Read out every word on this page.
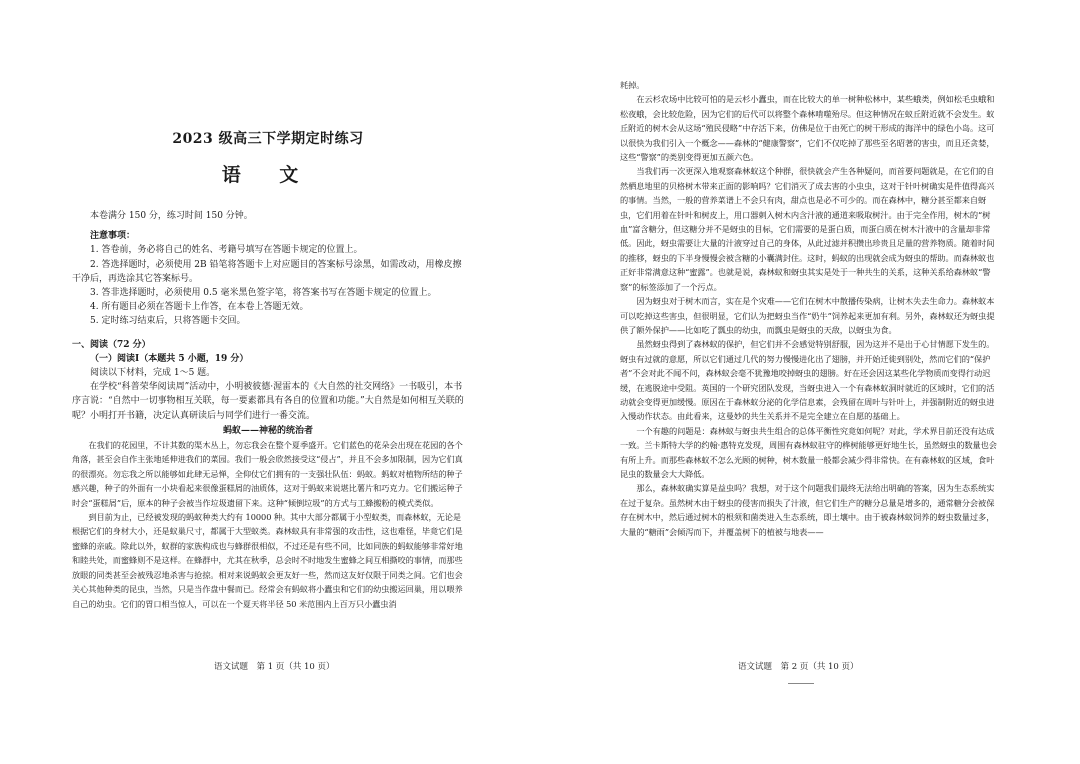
2023 级高三下学期定时练习

语 文

本卷满分 150 分，练习时间 150 分钟。

注意事项：

1. 答卷前，务必将自己的姓名、考籍号填写在答题卡规定的位置上。

2. 答选择题时，必须使用 2B 铅笔将答题卡上对应题目的答案标号涂黑，如需改动，用橡皮擦干净后，再选涂其它答案标号。

3. 答非选择题时，必须使用 0.5 毫米黑色签字笔，将答案书写在答题卡规定的位置上。

4. 所有题目必须在答题卡上作答，在本卷上答题无效。

5. 定时练习结束后，只将答题卡交回。

一、阅读（72 分）

（一）阅读Ⅰ（本题共 5 小题，19 分）

阅读以下材料，完成 1～5 题。

在学校“科普荣华阅读周”活动中，小明被彼德·渥雷本的《大自然的社交网络》一书吸引，本书序言说：“自然中一切事物相互关联，每一要素都具有各自的位置和功能。”大自然是如何相互关联的呢？小明打开书籍，决定认真研读后与同学们进行一番交流。

蚂蚁——神秘的统治者

在我们的花园里，不计其数的渠木丛上，勿忘我会在整个夏季盛开。它们蓝色的花朵会出现在花园的各个角落，甚至会自作主张地延伸进我们的菜园。我们一般会欣然接受这“侵占”，并且不会多加限制，因为它们真的很漂亮。勿忘我之所以能够如此肆无忌惮，全仰仗它们拥有的一支强壮队伍：蚂蚁。蚂蚁对植物所结的种子感兴趣，种子的外面有一小块看起来很像蛋糕屑的油质体，这对于蚂蚁来说堪比薯片和巧克力。它们搬运种子时会“蛋糕屑”后，原本的种子会被当作垃圾遗留下来。这种“倾倒垃圾”的方式与工蜂搬粉的模式类似。

到目前为止，已经被发现的蚂蚁种类大约有 10000 种。其中大部分都属于小型蚁类，而森林蚁，无论是根据它们的身材大小，还是蚁巢尺寸，都属于大型蚁类。森林蚁具有非常强的攻击性，这也难怪，毕竟它们是蜜蜂的亲戚。除此以外，蚁群的家族构成也与蜂群很相似，不过还是有些不同，比如同族的蚂蚁能够非常好地和睦共处，而蜜蜂则不是这样。在蜂群中，尤其在秋季，总会时不时地发生蜜蜂之间互相撕咬的事情，而那些放眼的同类甚至会被残忍地杀害与抢掠。相对来说蚂蚁会更友好一些，然而这友好仅限于同类之间。它们也会关心其他种类的昆虫，当然，只是当作盘中餐而已。经常会有蚂蚁将小蠹虫和它们的幼虫搬运回巢，用以喂养自己的幼虫。它们的胃口相当惊人，可以在一个夏天将半径 50 米范围内上百万只小蠹虫消

耗掉。

在云杉农场中比较可怕的是云杉小蠹虫，而在比较大的单一树种松林中，某些蛾类，例如松毛虫蛾和松夜蛾，会比较危险，因为它们的后代可以将整个森林啃噬殆尽。但这种情况在蚁丘附近就不会发生。蚁丘附近的树木会从这场“殖民侵略”中存活下来，仿佛是位于由死亡的树干形成的海洋中的绿色小岛。这可以很快为我们引入一个概念——森林的“健康警察”，它们不仅吃掉了那些至名昭著的害虫，而且还贪婪，这些“警察”的类别变得更加五颜六色。

当我们再一次更深入地观察森林蚁这个种群，很快就会产生各种疑问，而首要问题就是，在它们的自然栖息地里的贝格树木带来正面的影响吗？它们消灭了成去害的小虫虫，这对于针叶树确实是件值得高兴的事情。当然，一般的营养菜谱上不会只有肉，甜点也是必不可少的。而在森林中，糖分甚至都来自蚜虫，它们用着在针叶和树皮上，用口器刺入树木内含汁液的通道来吸取树汁。由于完全作用，树木的“树血”富含糖分，但这糖分并不是蚜虫的目标，它们需要的是蛋白质，而蛋白质在树木汁液中的含量却非常低。因此，蚜虫需要让大量的汁液穿过自己的身体，从此过滤并积攒出珍贵且足量的营养物质。随着时间的推移，蚜虫的下半身慢慢会被含糖的小囊满封住。这时，蚂蚁的出现就会成为蚜虫的帮助。而森林蚁也正好非常满意这种“蜜露”。也就是说，森林蚁和蚜虫其实是处于一种共生的关系，这种关系给森林蚁“警察”的标签添加了一个污点。

因为蚜虫对于树木而言，实在是个灾难——它们在树木中散播传染病，让树木失去生命力。森林蚁本可以吃掉这些害虫，但很明显，它们认为把蚜虫当作“奶牛”饲养起来更加有利。另外，森林蚁还为蚜虫提供了额外保护——比如吃了瓢虫的幼虫，而瓢虫是蚜虫的天敌，以蚜虫为食。

虽然蚜虫得到了森林蚁的保护，但它们并不会感觉特别舒服，因为这并不是出于心甘情愿下发生的。蚜虫有过就的意愿，所以它们通过几代的努力慢慢进化出了翅膀，并开始迁徙到别处，然而它们的“保护者”不会对此不闻不问，森林蚁会毫不犹豫地咬掉蚜虫的翅膀。好在还会因这某些化学物质而变得行动迟缓，在逃脱途中受阻。英国的一个研究团队发现，当蚜虫进入一个有森林蚁洞时就近的区域时，它们的活动就会变得更加缓慢。原因在于森林蚁分泌的化学信息素，会残留在周叶与针叶上，并强制附近的蚜虫进入慢动作状态。由此看来，这曼妙的共生关系并不是完全建立在自愿的基础上。

一个有趣的问题是：森林蚁与蚜虫共生组合的总体平衡性究竟如何呢？对此，学术界目前还没有达成一致。兰卡斯特大学的约翰·惠特克发现，周围有森林蚁驻守的桦树能够更好地生长，虽然蚜虫的数量也会有所上升。而那些森林蚁不怎么光顾的树种，树木数量一般都会减少得非常快。在有森林蚁的区域，食叶昆虫的数量会大大降低。

那么，森林蚁确实算是益虫吗？我想，对于这个问题我们最终无法给出明确的答案，因为生态系统实在过于复杂。虽然树木由于蚜虫的侵害而损失了汁液，但它们生产的糖分总量是增多的，通常糖分会被保存在树木中，然后通过树木的根须和菌类进入生态系统，即土壤中。由于被森林蚁饲养的蚜虫数量过多，大量的“糖雨”会倾泻而下，并覆盖树下的植被与地表——

语文试题　第 1 页（共 10 页）	语文试题　第 2 页（共 10 页）
